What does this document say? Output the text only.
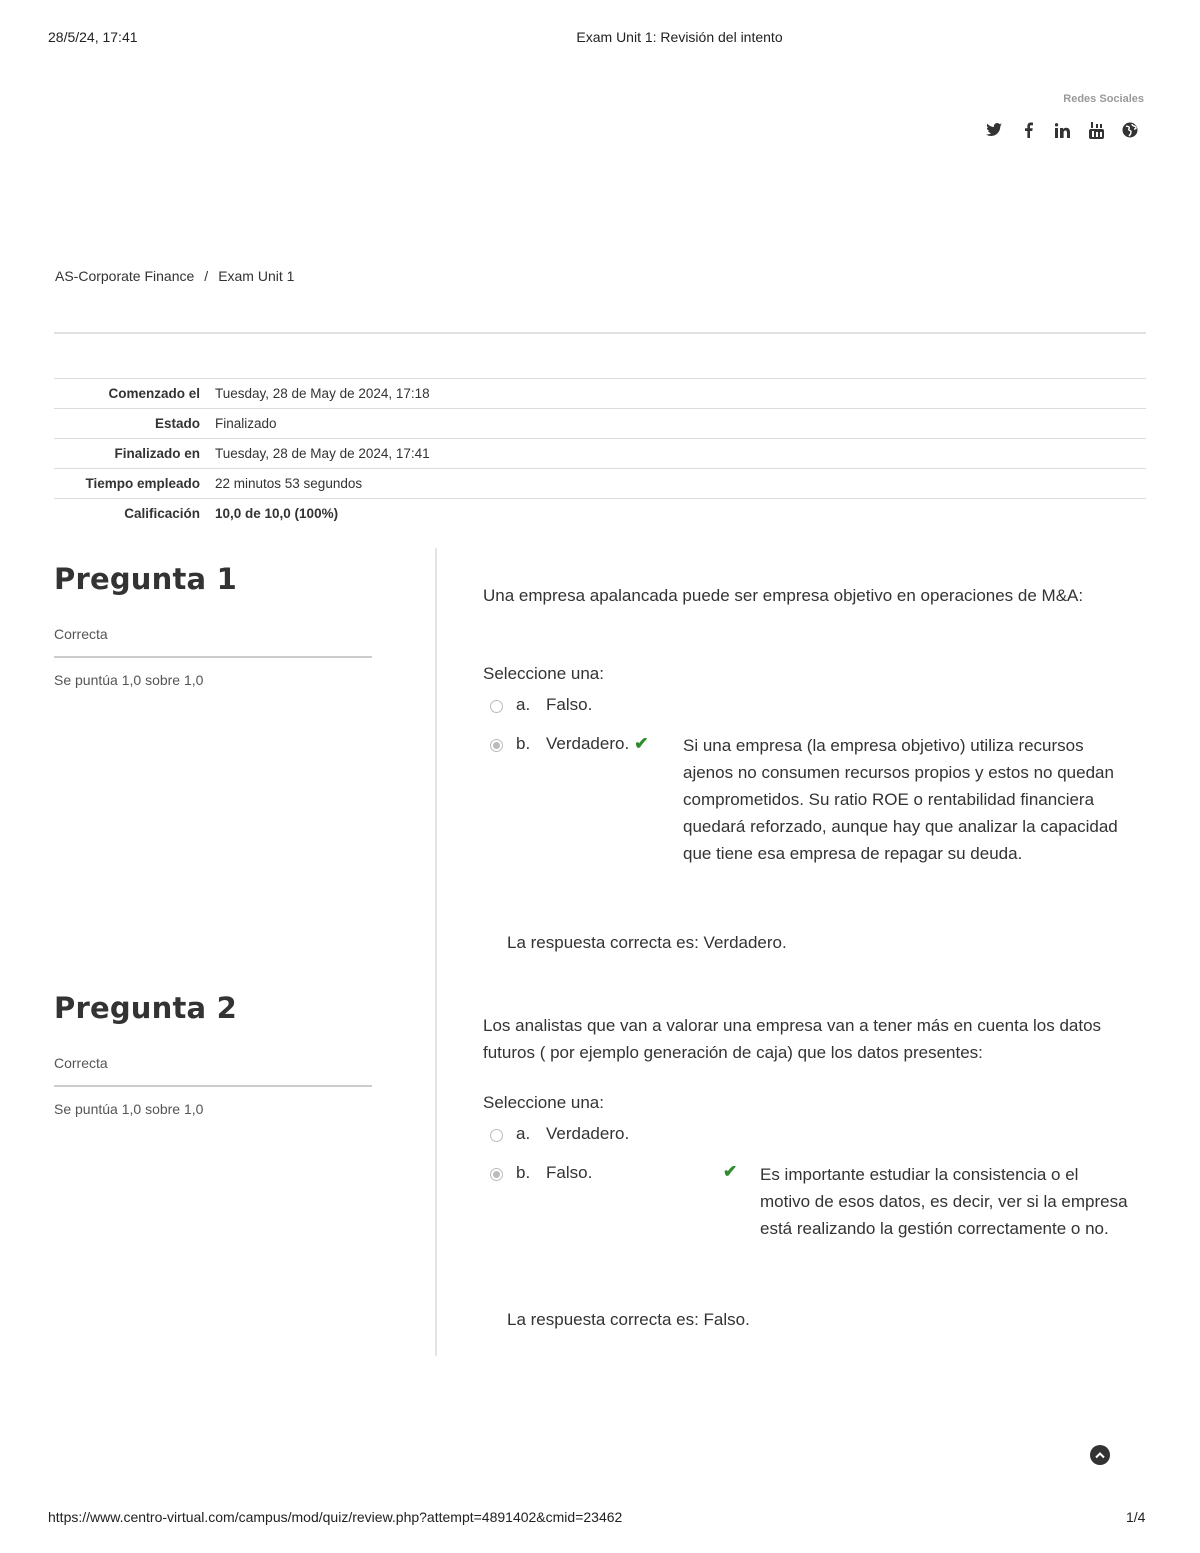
28/5/24, 17:41	Exam Unit 1: Revisión del intento
Redes Sociales
AS-Corporate Finance / Exam Unit 1
Comenzado el	Tuesday, 28 de May de 2024, 17:18
Estado	Finalizado
Finalizado en	Tuesday, 28 de May de 2024, 17:41
Tiempo empleado	22 minutos 53 segundos
Calificación	10,0 de 10,0 (100%)
Pregunta 1
Correcta
Se puntúa 1,0 sobre 1,0
Una empresa apalancada puede ser empresa objetivo en operaciones de M&A:
Seleccione una:
a. Falso.
b. Verdadero. ✔ Si una empresa (la empresa objetivo) utiliza recursos ajenos no consumen recursos propios y estos no quedan comprometidos. Su ratio ROE o rentabilidad financiera quedará reforzado, aunque hay que analizar la capacidad que tiene esa empresa de repagar su deuda.
La respuesta correcta es: Verdadero.
Pregunta 2
Correcta
Se puntúa 1,0 sobre 1,0
Los analistas que van a valorar una empresa van a tener más en cuenta los datos futuros ( por ejemplo generación de caja) que los datos presentes:
Seleccione una:
a. Verdadero.
b. Falso.	✔ Es importante estudiar la consistencia o el motivo de esos datos, es decir, ver si la empresa está realizando la gestión correctamente o no.
La respuesta correcta es: Falso.
https://www.centro-virtual.com/campus/mod/quiz/review.php?attempt=4891402&cmid=23462	1/4
